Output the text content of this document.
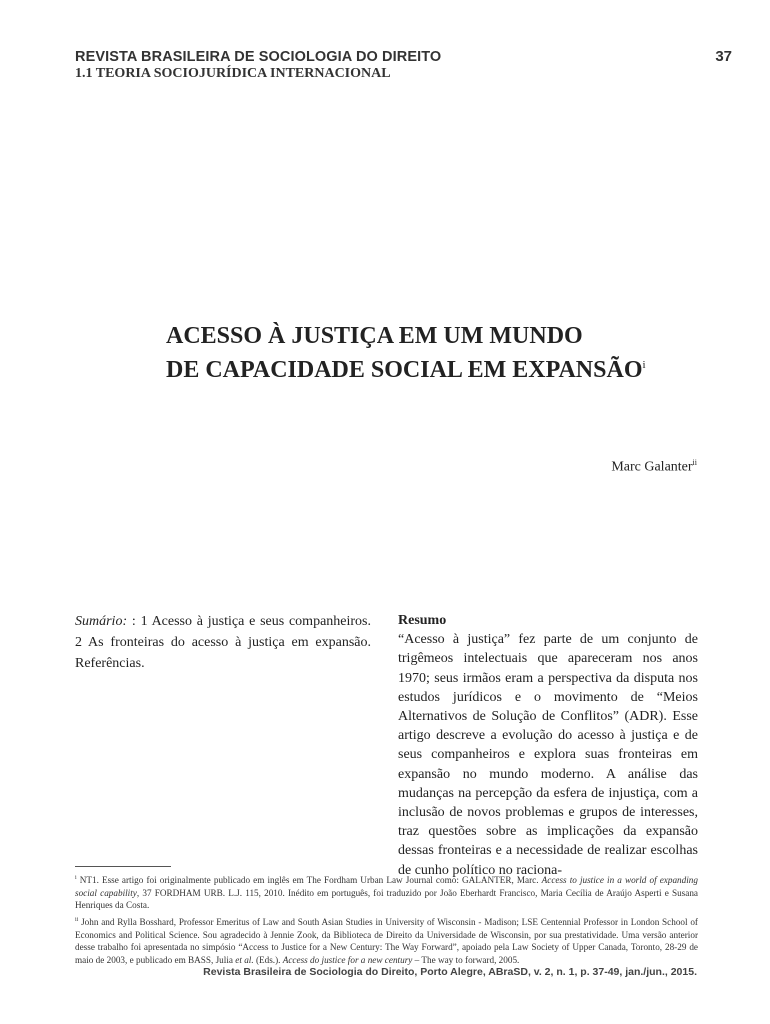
REVISTA BRASILEIRA DE SOCIOLOGIA DO DIREITO
1.1 TEORIA SOCIOJURÍDICA INTERNACIONAL
37
ACESSO À JUSTIÇA EM UM MUNDO
DE CAPACIDADE SOCIAL EM EXPANSÃO$^i$
Marc Galanter$^{ii}$
Sumário: : 1 Acesso à justiça e seus companheiros. 2 As fronteiras do acesso à justiça em expansão. Referências.
Resumo
“Acesso à justiça” fez parte de um conjunto de trigêmeos intelectuais que apareceram nos anos 1970; seus irmãos eram a perspectiva da disputa nos estudos jurídicos e o movimento de “Meios Alternativos de Solução de Conflitos” (ADR). Esse artigo descreve a evolução do acesso à justiça e de seus companheiros e explora suas fronteiras em expansão no mundo moderno. A análise das mudanças na percepção da esfera de injustiça, com a inclusão de novos problemas e grupos de interesses, traz questões sobre as implicações da expansão dessas fronteiras e a necessidade de realizar escolhas de cunho político no raciona-
$^i$ NT1. Esse artigo foi originalmente publicado em inglês em The Fordham Urban Law Journal como: GALANTER, Marc. Access to justice in a world of expanding social capability, 37 FORDHAM URB. L.J. 115, 2010. Inédito em português, foi traduzido por João Eberhardt Francisco, Maria Cecília de Araújo Asperti e Susana Henriques da Costa.
$^{ii}$ John and Rylla Bosshard, Professor Emeritus of Law and South Asian Studies in University of Wisconsin - Madison; LSE Centennial Professor in London School of Economics and Political Science. Sou agradecido à Jennie Zook, da Biblioteca de Direito da Universidade de Wisconsin, por sua prestatividade. Uma versão anterior desse trabalho foi apresentada no simpósio “Access to Justice for a New Century: The Way Forward”, apoiado pela Law Society of Upper Canada, Toronto, 28-29 de maio de 2003, e publicado em BASS, Julia et al. (Eds.). Access do justice for a new century – The way to forward, 2005.
Revista Brasileira de Sociologia do Direito, Porto Alegre, ABraSD, v. 2, n. 1, p. 37-49, jan./jun., 2015.
